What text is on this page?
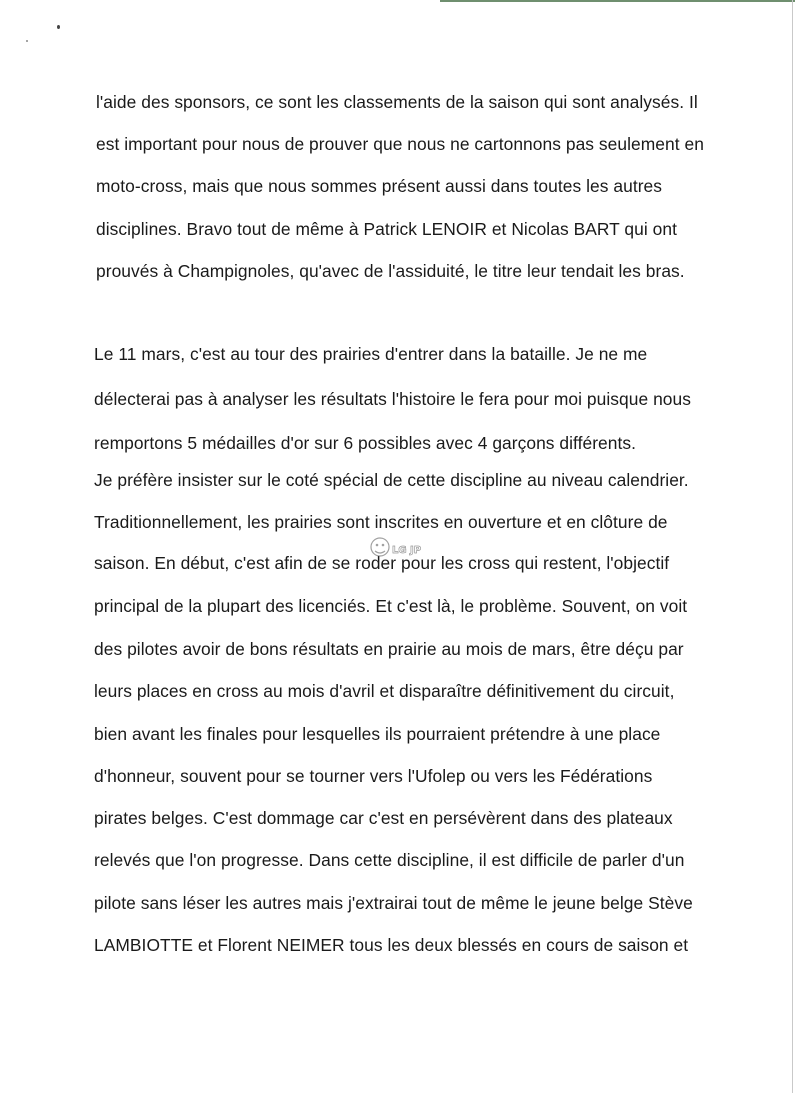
l'aide des sponsors, ce sont les classements de la saison qui sont analysés. Il
est important pour nous de prouver que nous ne cartonnons pas seulement en
moto-cross, mais que nous sommes présent aussi dans toutes les autres
disciplines. Bravo tout de même à Patrick LENOIR et Nicolas BART qui ont
prouvés à Champignoles, qu'avec de l'assiduité, le titre leur tendait les bras.
Le 11 mars, c'est au tour des prairies d'entrer dans la bataille. Je ne me
délecterai pas à analyser les résultats l'histoire le fera pour moi puisque nous
remportons 5 médailles d'or sur 6 possibles avec 4 garçons différents.
Je préfère insister sur le coté spécial de cette discipline au niveau calendrier.
Traditionnellement, les prairies sont inscrites en ouverture et en clôture de
saison. En début, c'est afin de se roder pour les cross qui restent, l'objectif
principal de la plupart des licenciés. Et c'est là, le problème. Souvent, on voit
des pilotes avoir de bons résultats en prairie au mois de mars, être déçu par
leurs places en cross au mois d'avril et disparaître définitivement du circuit,
bien avant les finales pour lesquelles ils pourraient prétendre à une place
d'honneur, souvent pour se tourner vers l'Ufolep ou vers les Fédérations
pirates belges. C'est dommage car c'est en persévèrent dans des plateaux
relevés que l'on progresse. Dans cette discipline, il est difficile de parler d'un
pilote sans léser les autres mais j'extrairai tout de même le jeune belge Stève
LAMBIOTTE et Florent NEIMER tous les deux blessés en cours de saison et
LG JP
